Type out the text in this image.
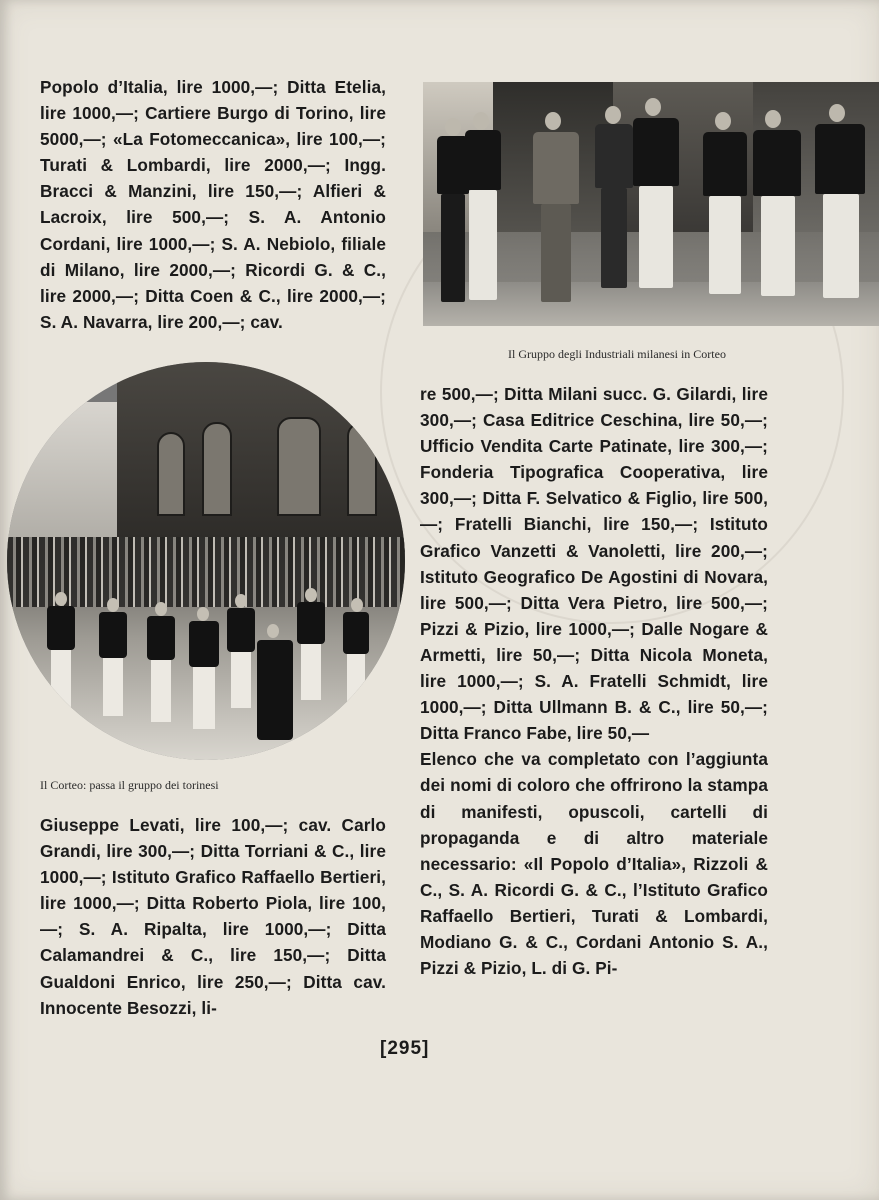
Popolo d’Italia, lire 1000,—; Ditta Etelia, lire 1000,—; Cartiere Burgo di Torino, lire 5000,—; «La Fotomeccanica», lire 100,—; Turati & Lombardi, lire 2000,—; Ingg. Bracci & Manzini, lire 150,—; Alfieri & Lacroix, lire 500,—; S. A. Antonio Cordani, lire 1000,—; S. A. Nebiolo, filiale di Milano, lire 2000,—; Ricordi G. & C., lire 2000,—; Ditta Coen & C., lire 2000,—; S. A. Navarra, lire 200,—; cav.

Il Gruppo degli Industriali milanesi in Corteo
Il Corteo: passa il gruppo dei torinesi

re 500,—; Ditta Milani succ. G. Gilardi, lire 300,—; Casa Editrice Ceschina, lire 50,—; Ufficio Vendita Carte Patinate, lire 300,—; Fonderia Tipografica Cooperativa, lire 300,—; Ditta F. Selvatico & Figlio, lire 500,—; Fratelli Bianchi, lire 150,—; Istituto Grafico Vanzetti & Vanoletti, lire 200,—; Istituto Geografico De Agostini di Novara, lire 500,—; Ditta Vera Pietro, lire 500,—; Pizzi & Pizio, lire 1000,—; Dalle Nogare & Armetti, lire 50,—; Ditta Nicola Moneta, lire 1000,—; S. A. Fratelli Schmidt, lire 1000,—; Ditta Ullmann B. & C., lire 50,—; Ditta Franco Fabe, lire 50,—

Elenco che va completato con l’aggiunta dei nomi di coloro che offrirono la stampa di manifesti, opuscoli, cartelli di propaganda e di altro materiale necessario: «Il Popolo d’Italia», Rizzoli & C., S. A. Ricordi G. & C., l’Istituto Grafico Raffaello Bertieri, Turati & Lombardi, Modiano G. & C., Cordani Antonio S. A., Pizzi & Pizio, L. di G. Pi-

Giuseppe Levati, lire 100,—; cav. Carlo Grandi, lire 300,—; Ditta Torriani & C., lire 1000,—; Istituto Grafico Raffaello Bertieri, lire 1000,—; Ditta Roberto Piola, lire 100,—; S. A. Ripalta, lire 1000,—; Ditta Calamandrei & C., lire 150,—; Ditta Gualdoni Enrico, lire 250,—; Ditta cav. Innocente Besozzi, li-

[295]
